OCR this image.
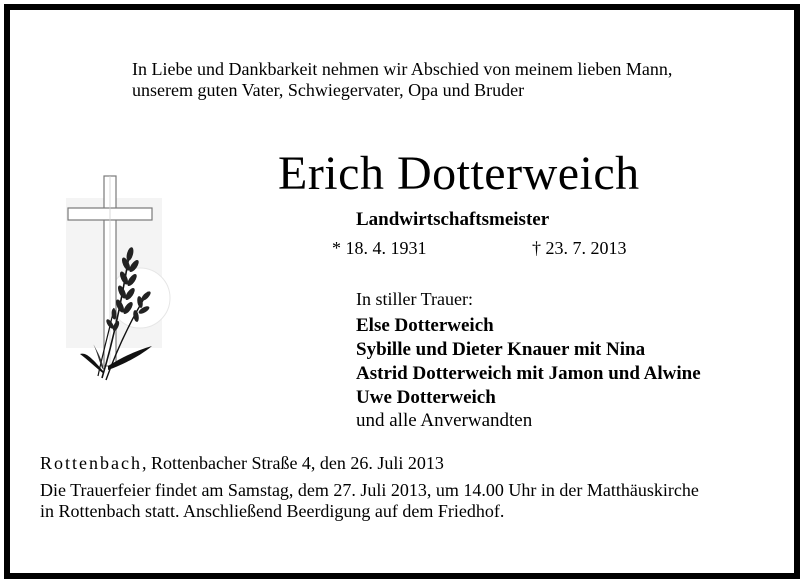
In Liebe und Dankbarkeit nehmen wir Abschied von meinem lieben Mann,
unserem guten Vater, Schwiegervater, Opa und Bruder
Erich Dotterweich
Landwirtschaftsmeister
* 18. 4. 1931	† 23. 7. 2013
In stiller Trauer:
Else Dotterweich
Sybille und Dieter Knauer mit Nina
Astrid Dotterweich mit Jamon und Alwine
Uwe Dotterweich
und alle Anverwandten
Rottenbach, Rottenbacher Straße 4, den 26. Juli 2013
Die Trauerfeier findet am Samstag, dem 27. Juli 2013, um 14.00 Uhr in der Matthäuskirche
in Rottenbach statt. Anschließend Beerdigung auf dem Friedhof.
